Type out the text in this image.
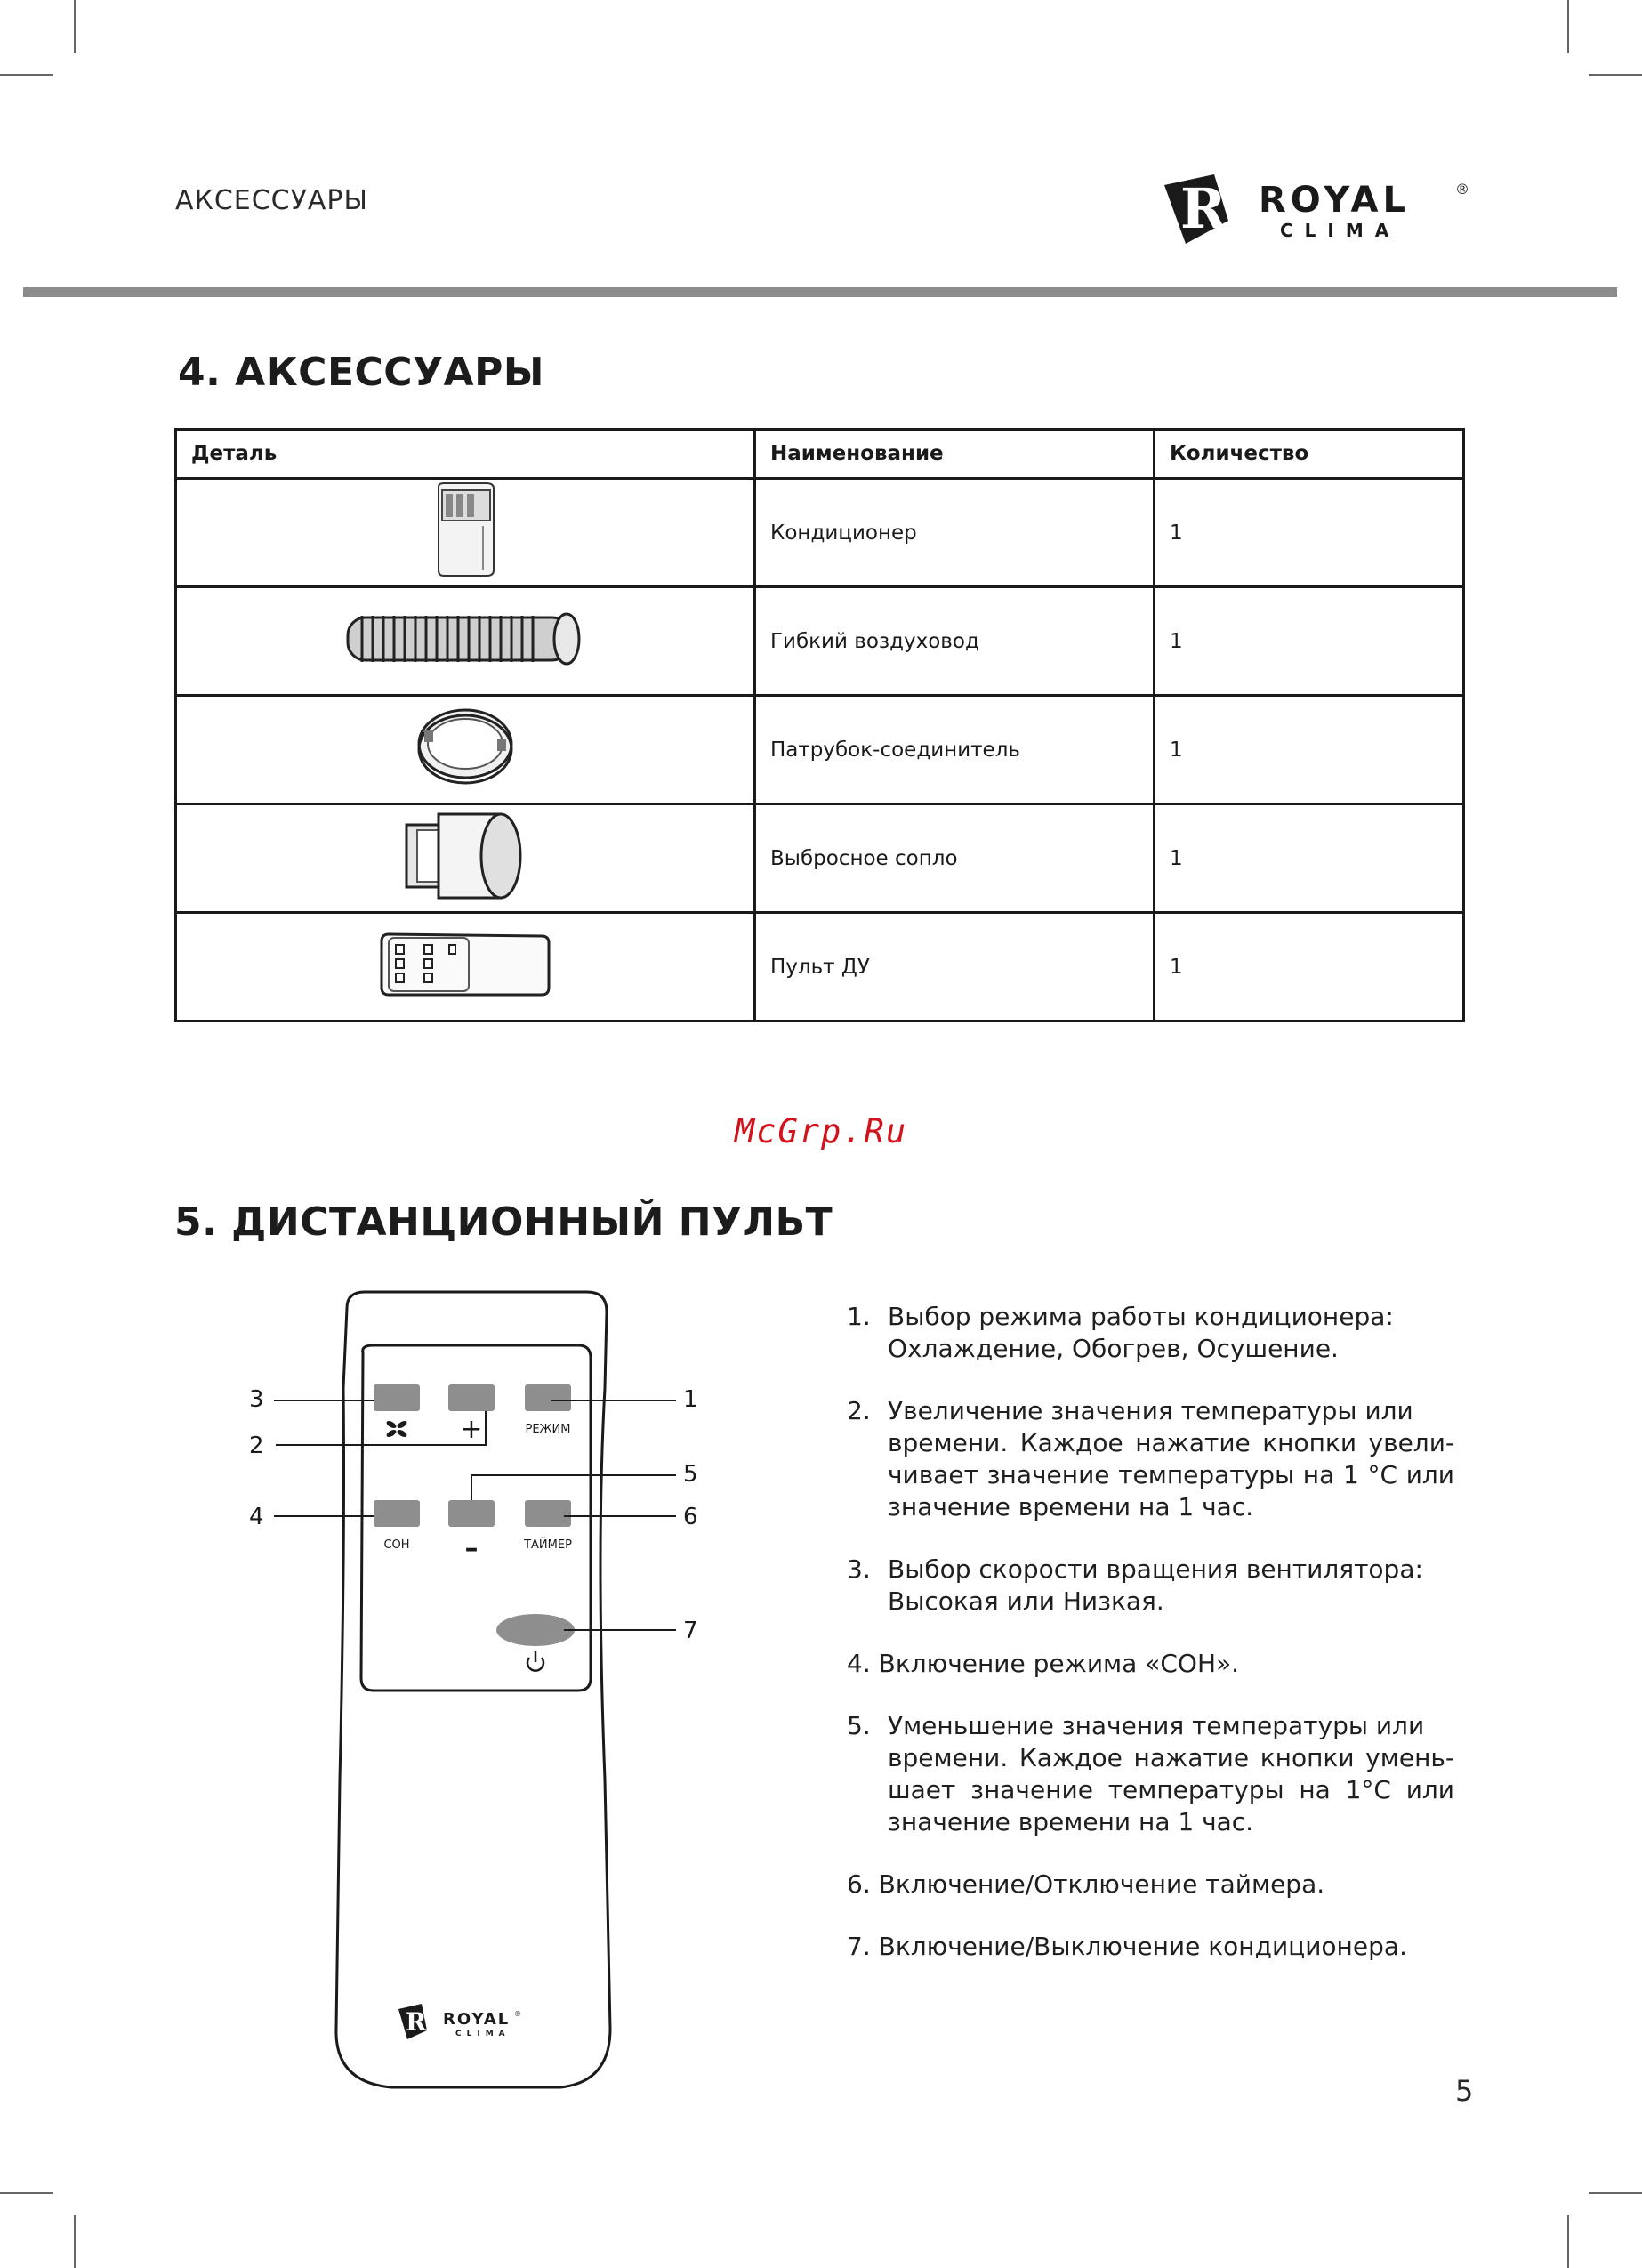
АКСЕССУАРЫ	R ROYAL	®
CLIMA
4. АКСЕССУАРЫ
Деталь	Наименование	Количество
	Кондиционер	1
	Гибкий воздуховод	1
	Патрубок-соединитель	1
	Выбросное сопло	1
	Пульт ДУ	1
McGrp.Ru
5. ДИСТАНЦИОННЫЙ ПУЛЬТ
+	РЕЖИМ
СОН –	ТАЙМЕР
R ROYAL ®
CLIMA
3
2
1
5
4	6
7
1. Выбор режима работы кондиционера:
Охлаждение, Обогрев, Осушение.
2. Увеличение значения температуры или
времени. Каждое нажатие кнопки увели-чивает значение температуры на 1 °С или значение времени на 1 час.
3. Выбор скорости вращения вентилятора:
Высокая или Низкая.
4. Включение режима «СОН».
5. Уменьшение значения температуры или
времени. Каждое нажатие кнопки умень-шает значение температуры на 1°С или значение времени на 1 час.
6. Включение/Отключение таймера.
7. Включение/Выключение кондиционера.
5
